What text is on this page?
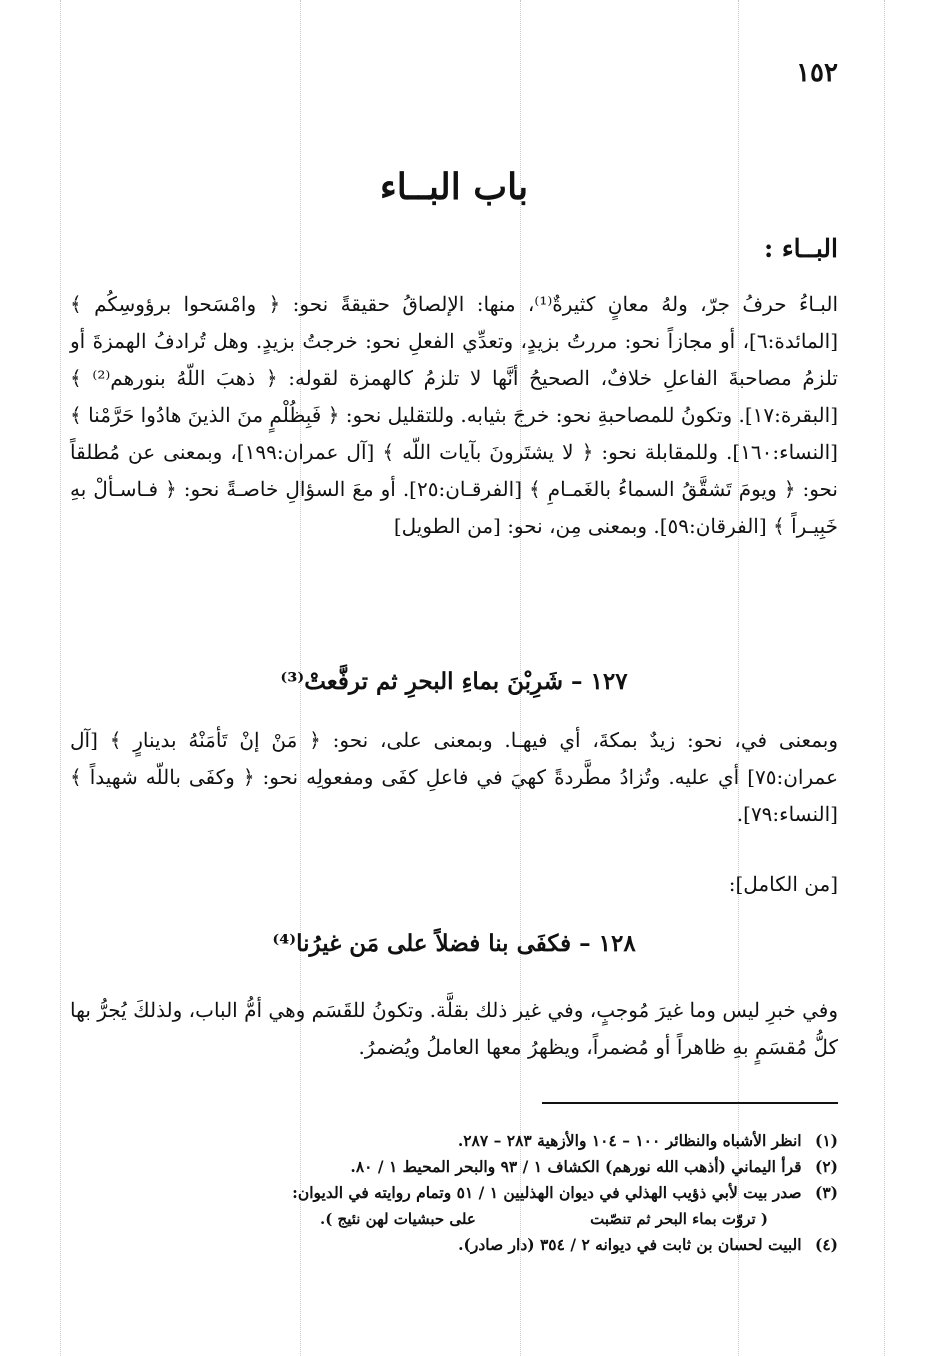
١٥٢

باب البــاء
البــاء :

البـاءُ حرفُ جرّ، ولهُ معانٍ كثيرةٌ⁽¹⁾، منها: الإلصاقُ حقيقةً نحو: ﴿ وامْسَحوا برؤوسِكُم ﴾ [المائدة:٦]، أو مجازاً نحو: مررتُ بزيدٍ، وتعدِّي الفعلِ نحو: خرجتُ بزيدٍ. وهل تُرادفُ الهمزةَ أو تلزمُ مصاحبةَ الفاعلِ خلافٌ، الصحيحُ أنَّها لا تلزمُ كالهمزة لقوله: ﴿ ذهبَ اللّهُ بنورهم⁽²⁾ ﴾ [البقرة:١٧]. وتكونُ للمصاحبةِ نحو: خرجَ بثيابه. وللتقليل نحو: ﴿ فَبِظُلْمٍ منَ الذينَ هادُوا حَرَّمْنا ﴾ [النساء:١٦٠]. وللمقابلة نحو: ﴿ لا يشتَرونَ بآيات اللّه ﴾ [آل عمران:١٩٩]، وبمعنى عن مُطلقاً نحو: ﴿ ويومَ تَشقَّقُ السماءُ بالغَمـامِ ﴾ [الفرقـان:٢٥]. أو معَ السؤالِ خاصـةً نحو: ﴿ فـاسـألْ بهِ خَبِيـراً ﴾ [الفرقان:٥٩]. وبمعنى مِن، نحو: [من الطويل]

١٢٧ – شَرِبْنَ بماءِ البحرِ ثم ترفَّعتْ⁽³⁾

وبمعنى في، نحو: زيدٌ بمكةَ، أي فيهـا. وبمعنى على، نحو: ﴿ مَنْ إنْ تَأمَنْهُ بدينارٍ ﴾ [آل عمران:٧٥] أي عليه. وتُزادُ مطَّردةً كهيَ في فاعلِ كفَى ومفعولِه نحو: ﴿ وكفَى باللّه شهيداً ﴾ [النساء:٧٩].

[من الكامل]:

١٢٨ – فكفَى بنا فضلاً على مَن غيرُنا⁽⁴⁾

وفي خبرِ ليس وما غيرَ مُوجبٍ، وفي غير ذلك بقلَّة. وتكونُ للقَسَم وهي أمُّ الباب، ولذلكَ يُجرُّ بها كلُّ مُقسَمٍ بهِ ظاهراً أو مُضمراً، ويظهرُ معها العاملُ ويُضمرُ.

(١) انظر الأشباه والنظائر ١٠٠ – ١٠٤ والأزهية ٢٨٣ – ٢٨٧.
(٢) قرأ اليماني (أذهب الله نورهم) الكشاف ١ / ٩٣ والبحر المحيط ١ / ٨٠.
(٣) صدر بيت لأبي ذؤيب الهذلي في ديوان الهذليين ١ / ٥١ وتمام روايته في الديوان:
( تروّت بماء البحر ثم تنصّبت
على حبشيات لهن نئيج ).
(٤) البيت لحسان بن ثابت في ديوانه ٢ / ٣٥٤ (دار صادر).
